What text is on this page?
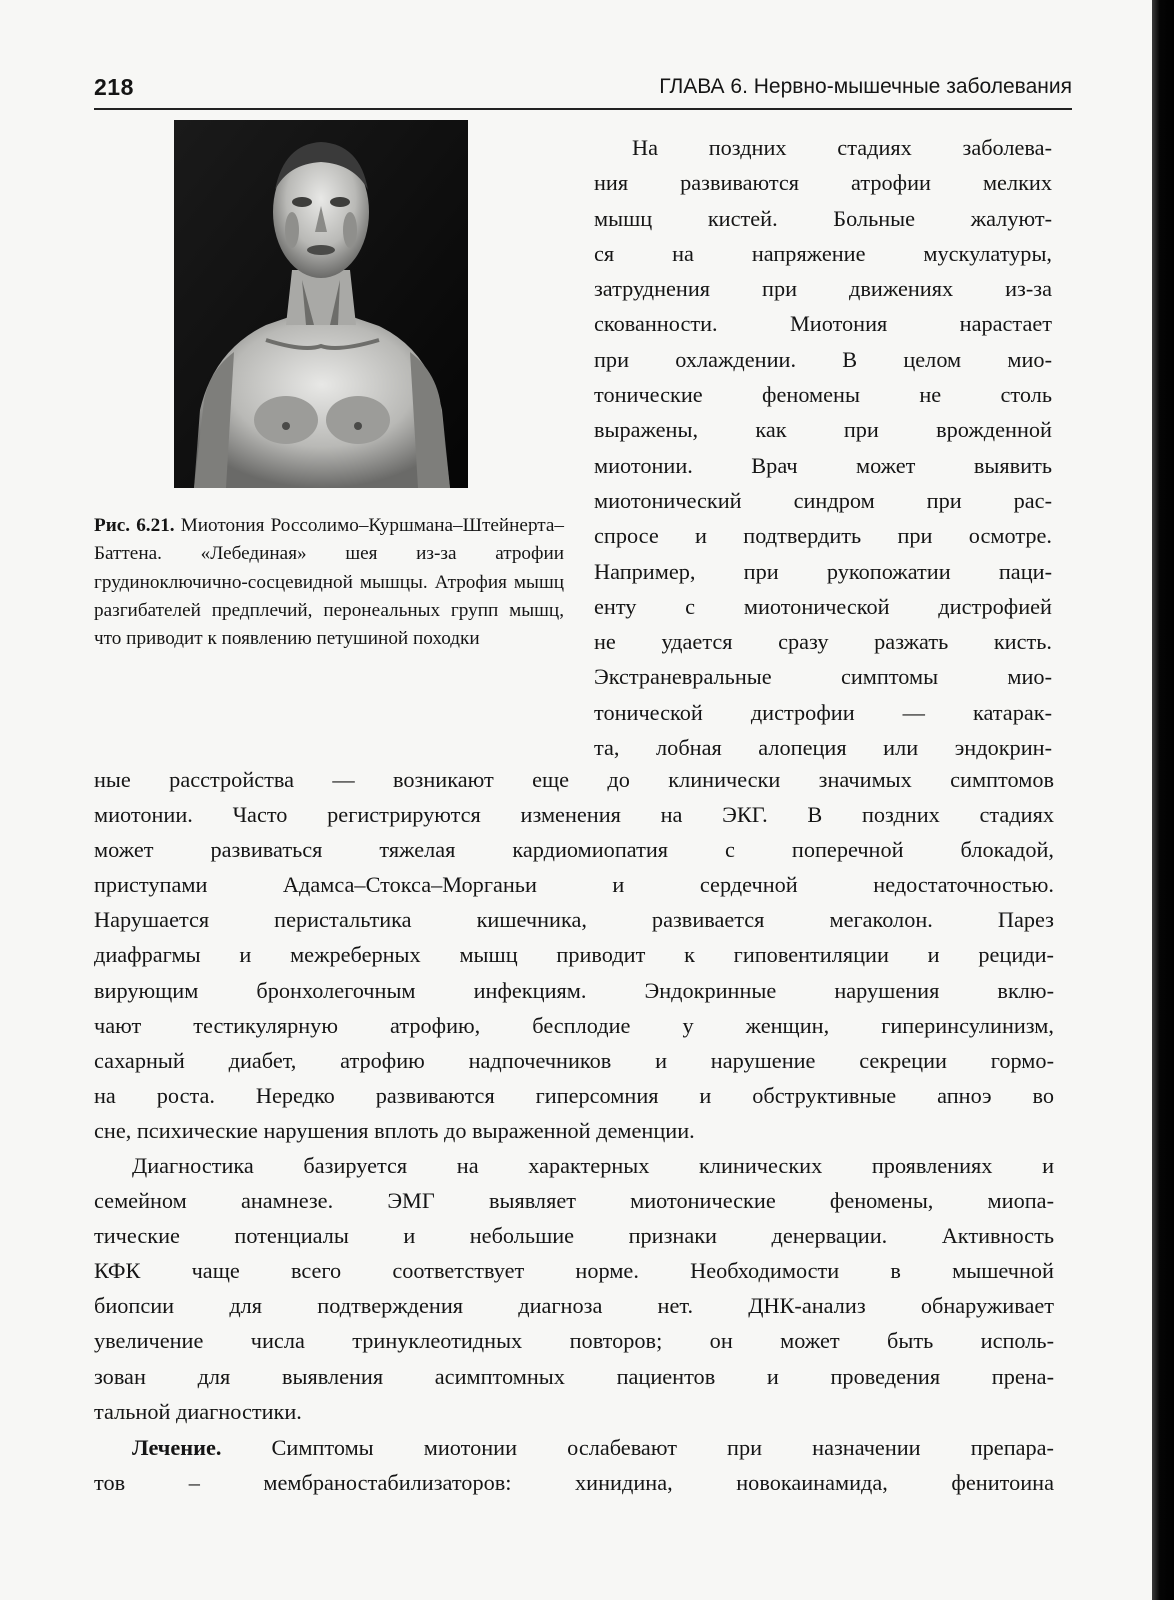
218	ГЛАВА 6. Нервно-мышечные заболевания
Рис. 6.21. Миотония Россолимо–Куршмана–Штейнерта–Баттена. «Лебединая» шея из-за атрофии грудиноключично-сосцевидной мышцы. Атрофия мышц разгибателей предплечий, перонеальных групп мышц, что приводит к появлению петушиной походки
На поздних стадиях заболева-
ния развиваются атрофии мелких
мышц кистей. Больные жалуют-
ся на напряжение мускулатуры,
затруднения при движениях из-за
скованности. Миотония нарастает
при охлаждении. В целом мио-
тонические феномены не столь
выражены, как при врожденной
миотонии. Врач может выявить
миотонический синдром при рас-
спросе и подтвердить при осмотре.
Например, при рукопожатии паци-
енту с миотонической дистрофией
не удается сразу разжать кисть.
Экстраневральные симптомы мио-
тонической дистрофии — катарак-
та, лобная алопеция или эндокрин-
ные расстройства — возникают еще до клинически значимых симптомов
миотонии. Часто регистрируются изменения на ЭКГ. В поздних стадиях
может развиваться тяжелая кардиомиопатия с поперечной блокадой,
приступами Адамса–Стокса–Морганьи и сердечной недостаточностью.
Нарушается перистальтика кишечника, развивается мегаколон. Парез
диафрагмы и межреберных мышц приводит к гиповентиляции и рециди-
вирующим бронхолегочным инфекциям. Эндокринные нарушения вклю-
чают тестикулярную атрофию, бесплодие у женщин, гиперинсулинизм,
сахарный диабет, атрофию надпочечников и нарушение секреции гормо-
на роста. Нередко развиваются гиперсомния и обструктивные апноэ во
сне, психические нарушения вплоть до выраженной деменции.
Диагностика базируется на характерных клинических проявлениях и
семейном анамнезе. ЭМГ выявляет миотонические феномены, миопа-
тические потенциалы и небольшие признаки денервации. Активность
КФК чаще всего соответствует норме. Необходимости в мышечной
биопсии для подтверждения диагноза нет. ДНК-анализ обнаруживает
увеличение числа тринуклеотидных повторов; он может быть исполь-
зован для выявления асимптомных пациентов и проведения пренa-
тальной диагностики.
Лечение. Симптомы миотонии ослабевают при назначении препара-
тов – мембраностабилизаторов: хинидина, новокаинамида, фенитоина
